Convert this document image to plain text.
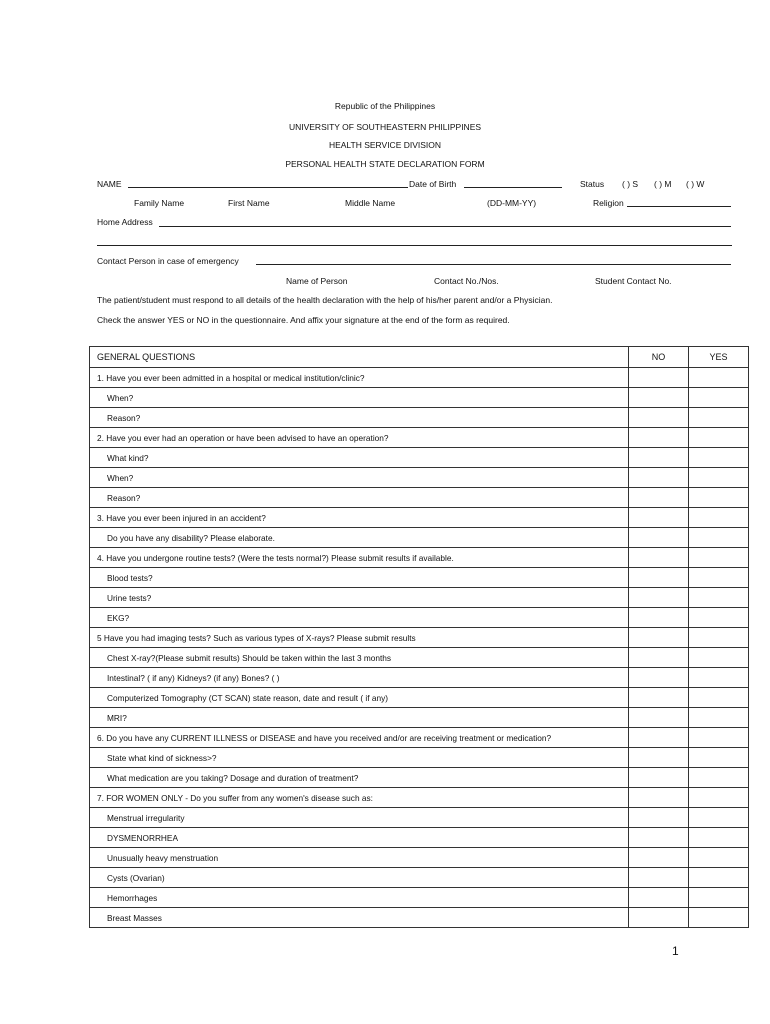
Republic of the Philippines
UNIVERSITY OF SOUTHEASTERN PHILIPPINES
HEALTH SERVICE DIVISION
PERSONAL HEALTH STATE DECLARATION FORM
NAME	Date of Birth	Status ( ) S ( ) M ( ) W
Family Name	First Name	Middle Name	(DD-MM-YY)	Religion
Home Address
Contact Person in case of emergency
Name of Person	Contact No./Nos.	Student Contact No.
The patient/student must respond to all details of the health declaration with the help of his/her parent and/or a Physician.
Check the answer YES or NO in the questionnaire. And affix your signature at the end of the form as required.
GENERAL QUESTIONS	NO	YES
1. Have you ever been admitted in a hospital or medical institution/clinic?		
When?		
Reason?		
2. Have you ever had an operation or have been advised to have an operation?		
What kind?		
When?		
Reason?		
3. Have you ever been injured in an accident?		
Do you have any disability? Please elaborate.		
4. Have you undergone routine tests? (Were the tests normal?) Please submit results if available.		
Blood tests?		
Urine tests?		
EKG?		
5 Have you had imaging tests? Such as various types of X-rays? Please submit results		
Chest X-ray?(Please submit results) Should be taken within the last 3 months		
Intestinal? ( if any) Kidneys? (if any) Bones? ( )		
Computerized Tomography (CT SCAN) state reason, date and result ( if any)		
MRI?		
6. Do you have any CURRENT ILLNESS or DISEASE and have you received and/or are receiving treatment or medication?		
State what kind of sickness>?		
What medication are you taking? Dosage and duration of treatment?		
7. FOR WOMEN ONLY - Do you suffer from any women's disease such as:		
Menstrual irregularity		
DYSMENORRHEA		
Unusually heavy menstruation		
Cysts (Ovarian)		
Hemorrhages		
Breast Masses		
1
